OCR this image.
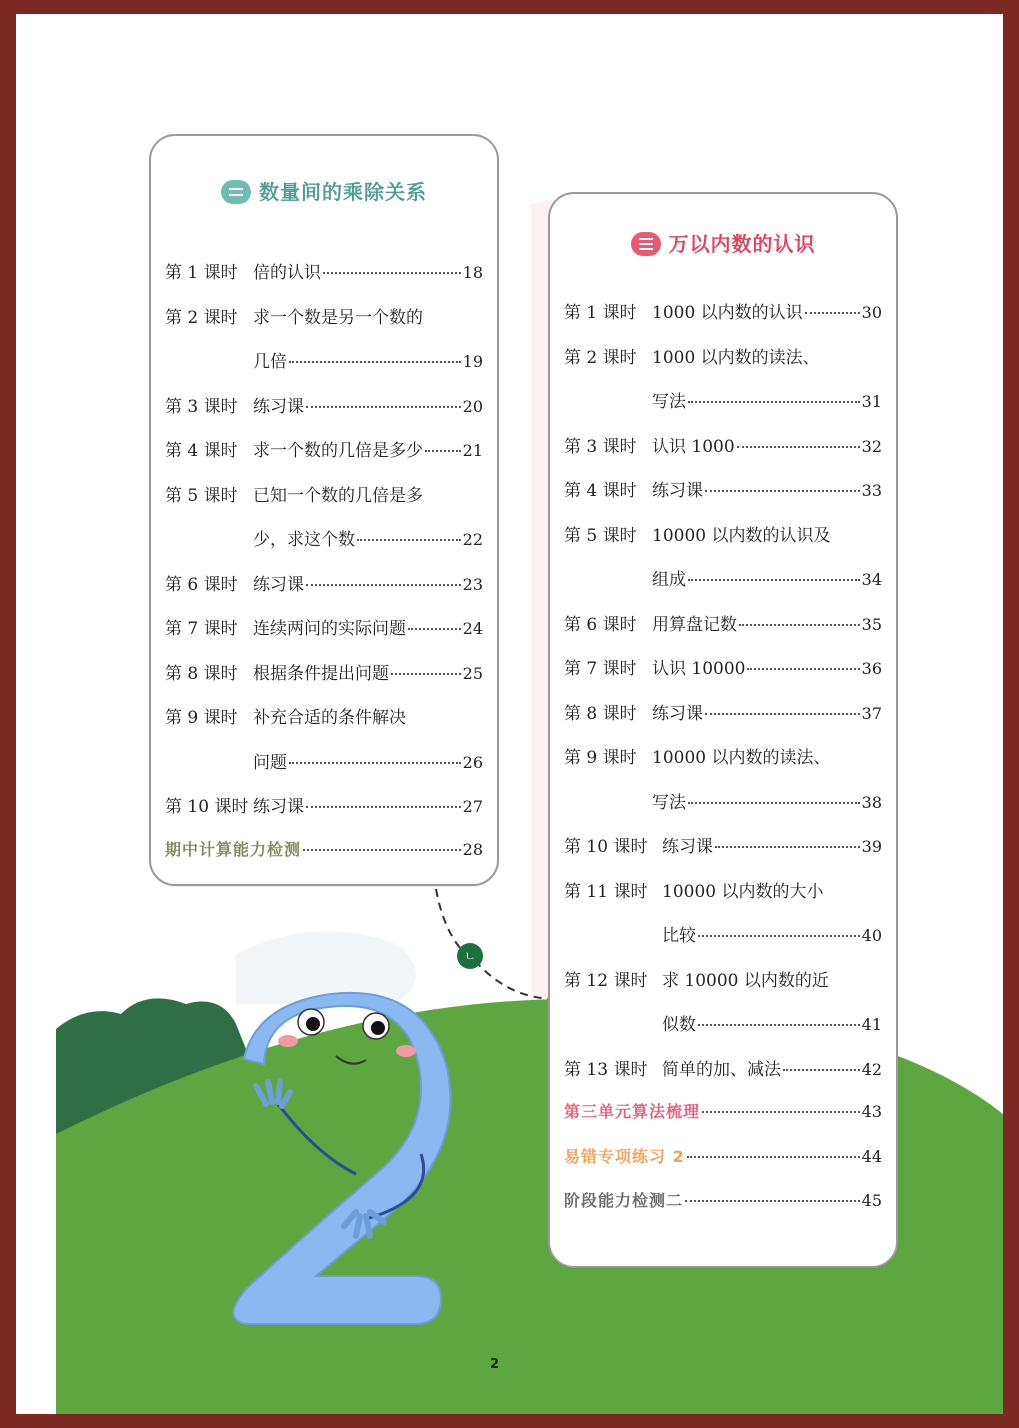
数量间的乘除关系
第 1 课时 倍的认识	18
第 2 课时 求一个数是另一个数的
几倍	19
第 3 课时 练习课	20
第 4 课时 求一个数的几倍是多少 21
第 5 课时 已知一个数的几倍是多
少，求这个数	22
第 6 课时 练习课	23
第 7 课时 连续两问的实际问题	24
第 8 课时 根据条件提出问题	25
第 9 课时 补充合适的条件解决
问题	26
第 10 课时 练习课	27
期中计算能力检测	28
万以内数的认识
第 1 课时 1000 以内数的认识	30
第 2 课时 1000 以内数的读法、
写法	31
第 3 课时 认识 1000	32
第 4 课时 练习课	33
第 5 课时 10000 以内数的认识及
组成	34
第 6 课时 用算盘记数	35
第 7 课时 认识 10000	36
第 8 课时 练习课	37
第 9 课时 10000 以内数的读法、
写法	38
第 10 课时 练习课	39
第 11 课时 10000 以内数的大小
比较	40
第 12 课时 求 10000 以内数的近
似数	41
第 13 课时 简单的加、减法	42
第三单元算法梳理	43
易错专项练习 2	44
阶段能力检测二	45
ㄴ
2
